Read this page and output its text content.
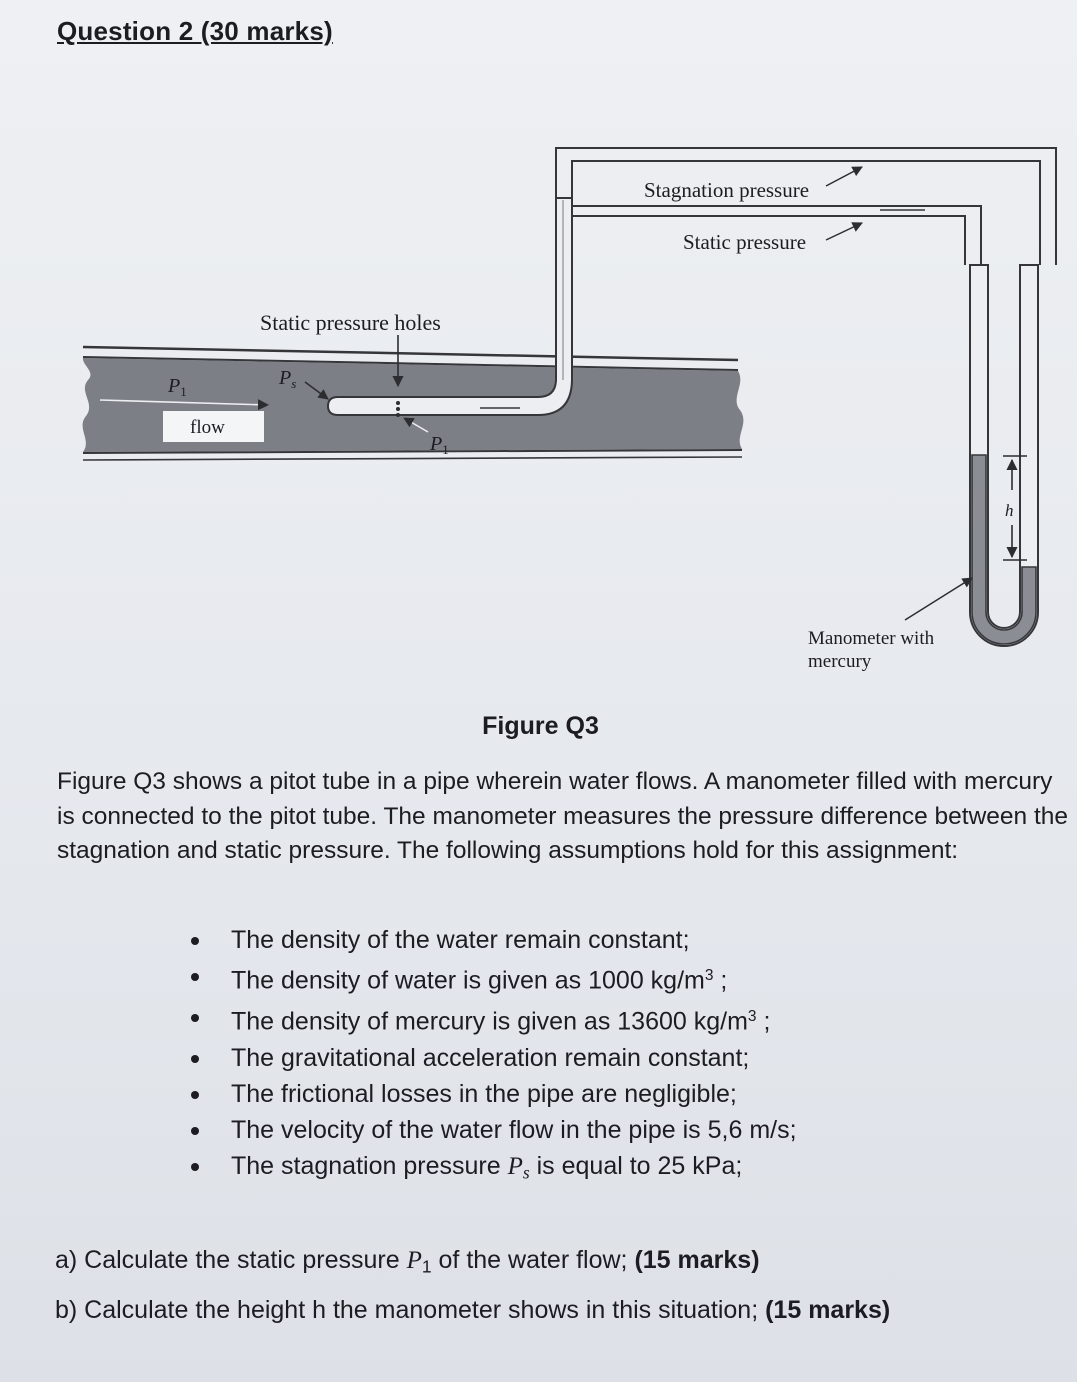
Question 2 (30 marks)
h
flow
$P_1$
$P_s$
Static pressure holes
$P_1$
Stagnation pressure
Static pressure
Manometer with
mercury

Figure Q3

Figure Q3 shows a pitot tube in a pipe wherein water flows. A manometer filled with mercury is connected to the pitot tube. The manometer measures the pressure difference between the stagnation and static pressure. The following assumptions hold for this assignment:

The density of the water remain constant;
The density of water is given as 1000 $kg/m^3$ ;
The density of mercury is given as 13600 $kg/m^3$ ;
The gravitational acceleration remain constant;
The frictional losses in the pipe are negligible;
The velocity of the water flow in the pipe is 5,6 m/s;
The stagnation pressure $P_s$ is equal to 25 kPa;

a) Calculate the static pressure $P_1$ of the water flow; (15 marks)

b) Calculate the height h the manometer shows in this situation; (15 marks)
